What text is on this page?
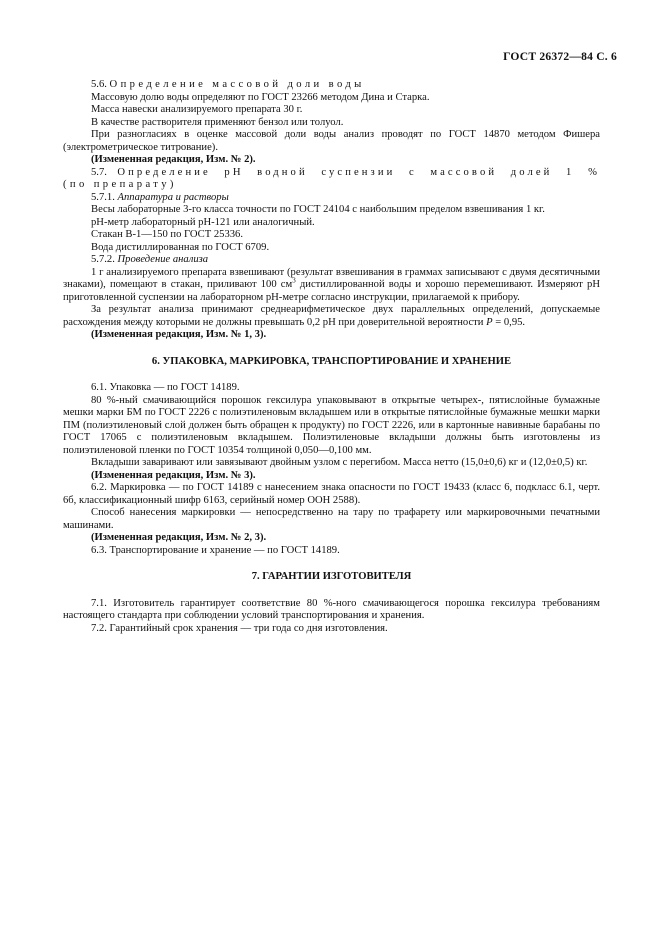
ГОСТ 26372—84 С. 6

5.6. Определение массовой доли воды

Массовую долю воды определяют по ГОСТ 23266 методом Дина и Старка.

Масса навески анализируемого препарата 30 г.

В качестве растворителя применяют бензол или толуол.

При разногласиях в оценке массовой доли воды анализ проводят по ГОСТ 14870 методом Фишера (электрометрическое титрование).

(Измененная редакция, Изм. № 2).

5.7. Определение pH водной суспензии с массовой долей 1 %

(по препарату)

5.7.1. Аппаратура и растворы

Весы лабораторные 3-го класса точности по ГОСТ 24104 с наибольшим пределом взвешивания 1 кг.

pH-метр лабораторный pH-121 или аналогичный.

Стакан В-1—150 по ГОСТ 25336.

Вода дистиллированная по ГОСТ 6709.

5.7.2. Проведение анализа

1 г анализируемого препарата взвешивают (результат взвешивания в граммах записывают с двумя десятичными знаками), помещают в стакан, приливают 100 $см^3$ дистиллированной воды и хорошо перемешивают. Измеряют pH приготовленной суспензии на лабораторном pH-метре согласно инструкции, прилагаемой к прибору.

За результат анализа принимают среднеарифметическое двух параллельных определений, допускаемые расхождения между которыми не должны превышать 0,2 pH при доверительной вероятности P = 0,95.

(Измененная редакция, Изм. № 1, 3).

6. УПАКОВКА, МАРКИРОВКА, ТРАНСПОРТИРОВАНИЕ И ХРАНЕНИЕ

6.1. Упаковка — по ГОСТ 14189.

80 %-ный смачивающийся порошок гексилура упаковывают в открытые четырех-, пятислойные бумажные мешки марки БМ по ГОСТ 2226 с полиэтиленовым вкладышем или в открытые пятислойные бумажные мешки марки ПМ (полиэтиленовый слой должен быть обращен к продукту) по ГОСТ 2226, или в картонные навивные барабаны по ГОСТ 17065 с полиэтиленовым вкладышем. Полиэтиленовые вкладыши должны быть изготовлены из полиэтиленовой пленки по ГОСТ 10354 толщиной 0,050—0,100 мм.

Вкладыши заваривают или завязывают двойным узлом с перегибом. Масса нетто (15,0±0,6) кг и (12,0±0,5) кг.

(Измененная редакция, Изм. № 3).

6.2. Маркировка — по ГОСТ 14189 с нанесением знака опасности по ГОСТ 19433 (класс 6, подкласс 6.1, черт. 6б, классификационный шифр 6163, серийный номер ООН 2588).

Способ нанесения маркировки — непосредственно на тару по трафарету или маркировочными печатными машинами.

(Измененная редакция, Изм. № 2, 3).

6.3. Транспортирование и хранение — по ГОСТ 14189.

7. ГАРАНТИИ ИЗГОТОВИТЕЛЯ

7.1. Изготовитель гарантирует соответствие 80 %-ного смачивающегося порошка гексилура требованиям настоящего стандарта при соблюдении условий транспортирования и хранения.

7.2. Гарантийный срок хранения — три года со дня изготовления.
